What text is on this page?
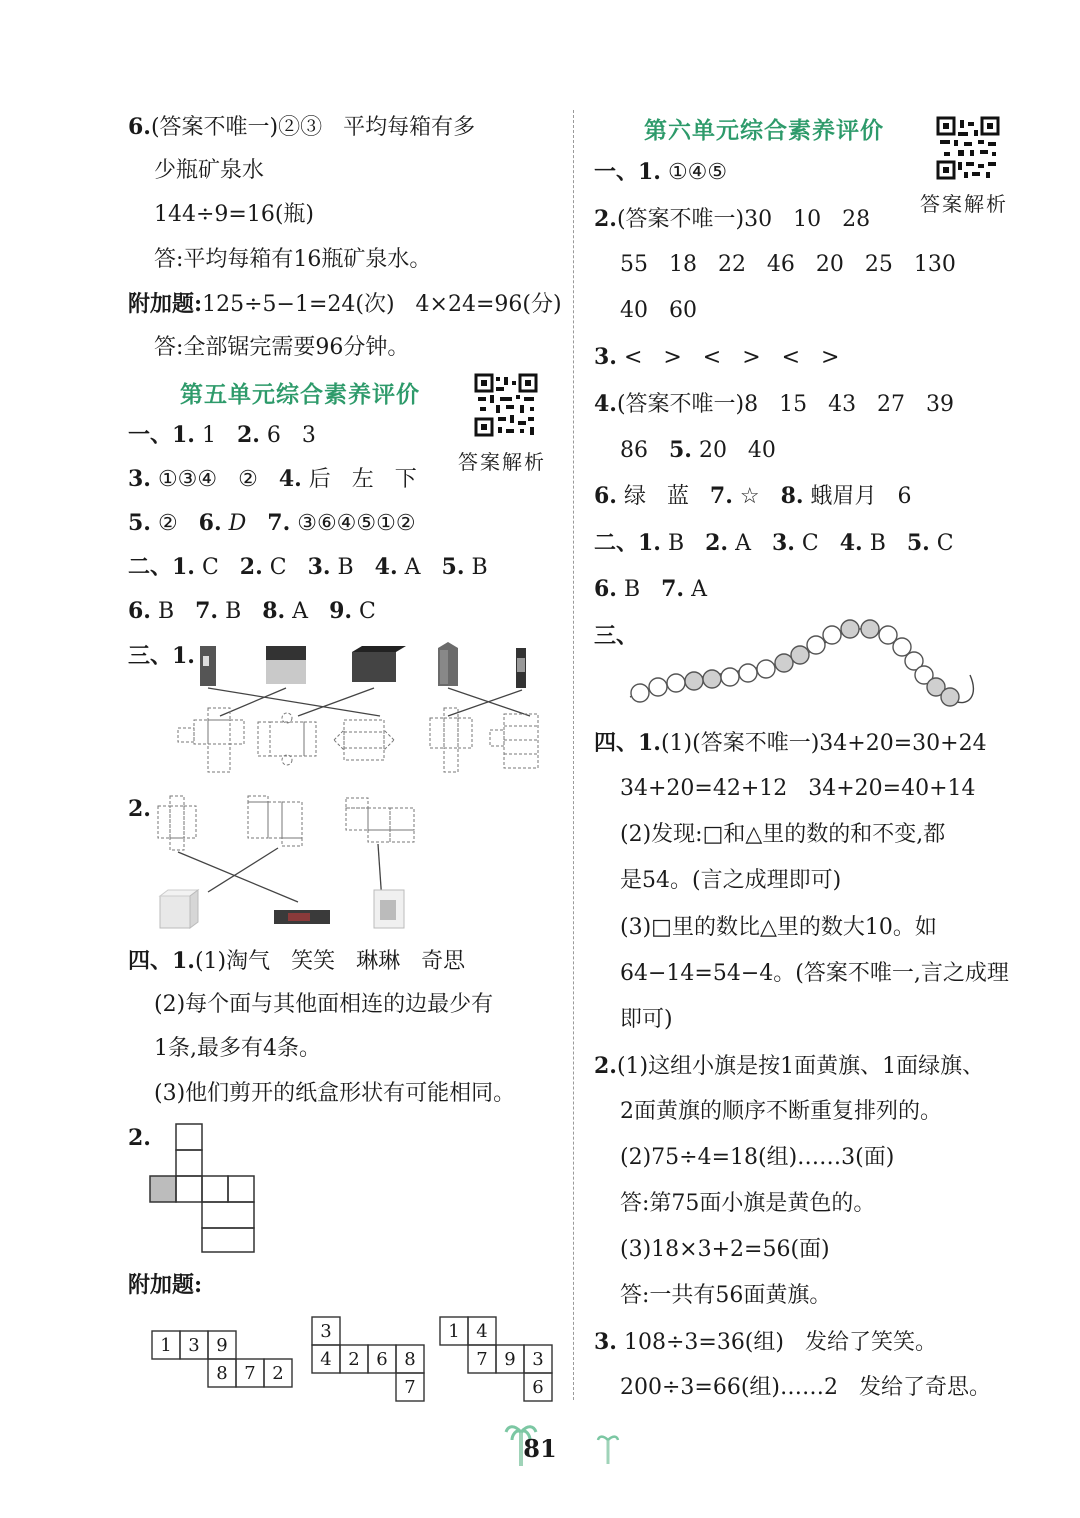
6.(答案不唯一)②③   平均每箱有多
少瓶矿泉水
144÷9=16(瓶)
答:平均每箱有16瓶矿泉水。
附加题:125÷5−1=24(次)   4×24=96(分)
答:全部锯完需要96分钟。
第五单元综合素养评价
答案解析
一、1. 1   2. 6   3
3. ①③④   ②   4. 后   左   下
5. ②   6. D   7. ③⑥④⑤①②
二、1. C   2. C   3. B   4. A   5. B
6. B   7. B   8. A   9. C
三、1.
2.
四、1.(1)淘气   笑笑   琳琳   奇思
(2)每个面与其他面相连的边最少有
1条,最多有4条。
(3)他们剪开的纸盒形状有可能相同。
2.
附加题:
1 3 9
8 7 2
3
4 2 6 8
7
1 4
7 9 3
6
第六单元综合素养评价
答案解析
一、1. ①④⑤
2.(答案不唯一)30   10   28
55   18   22   46   20   25   130
40   60
3. <   >   <   >   <   >
4.(答案不唯一)8   15   43   27   39
86   5. 20   40
6. 绿   蓝   7. ☆   8. 蛾眉月   6
二、1. B   2. A   3. C   4. B   5. C
6. B   7. A
三、
四、1.(1)(答案不唯一)34+20=30+24
34+20=42+12   34+20=40+14
(2)发现:□和△里的数的和不变,都
是54。(言之成理即可)
(3)□里的数比△里的数大10。如
64−14=54−4。(答案不唯一,言之成理
即可)
2.(1)这组小旗是按1面黄旗、1面绿旗、
2面黄旗的顺序不断重复排列的。
(2)75÷4=18(组)……3(面)
答:第75面小旗是黄色的。
(3)18×3+2=56(面)
答:一共有56面黄旗。
3. 108÷3=36(组)   发给了笑笑。
200÷3=66(组)……2   发给了奇思。
81
